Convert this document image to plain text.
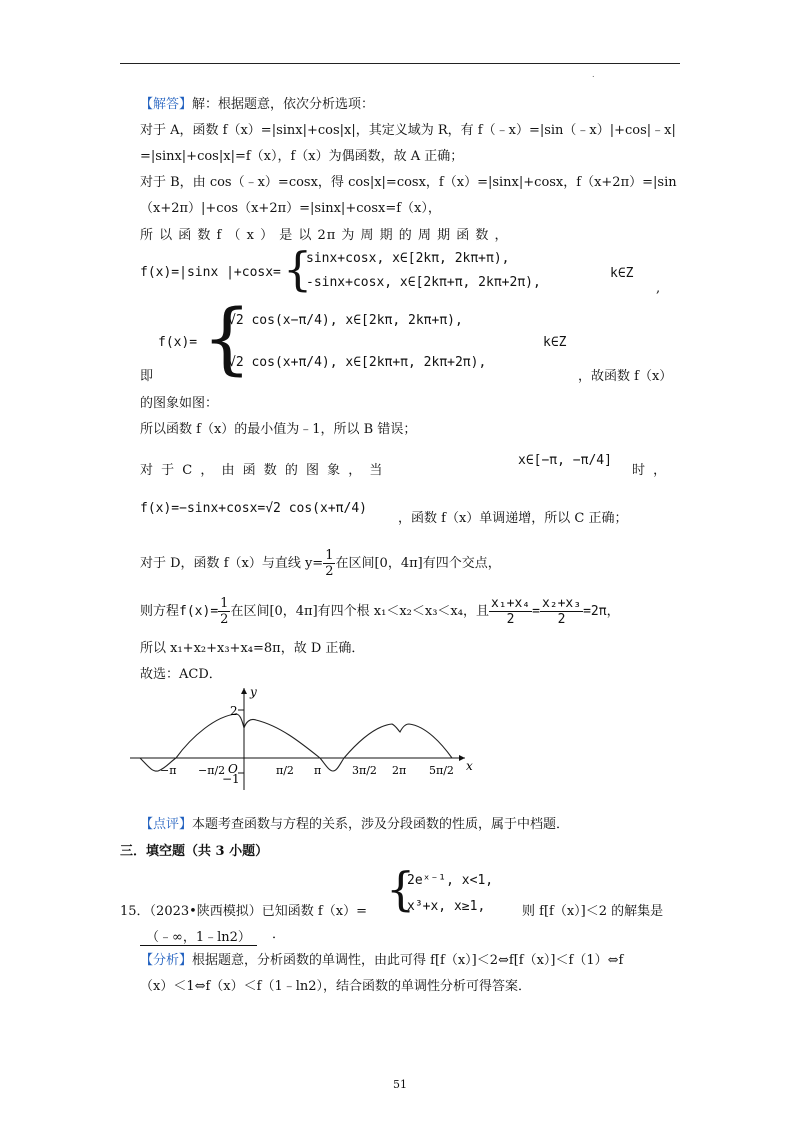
.
【解答】解：根据题意，依次分析选项：
对于 A，函数 f（x）=|sinx|+cos|x|，其定义域为 R，有 f（﹣x）=|sin（﹣x）|+cos|﹣x|
=|sinx|+cos|x|=f（x），f（x）为偶函数，故 A 正确；
对于 B，由 cos（﹣x）=cosx，得 cos|x|=cosx，f（x）=|sinx|+cosx，f（x+2π）=|sin
（x+2π）|+cos（x+2π）=|sinx|+cosx=f（x），
所 以 函 数 f （ x ） 是 以 2π 为 周 期 的 周 期 函 数 ，
f(x)=|sinx |+cosx= {
sinx+cosx, x∈[2kπ, 2kπ+π),
-sinx+cosx, x∈[2kπ+π, 2kπ+2π),
k∈Z
,
f(x)= {
√2 cos(x−π/4), x∈[2kπ, 2kπ+π),
√2 cos(x+π/4), x∈[2kπ+π, 2kπ+2π),
k∈Z
即	，故函数 f（x）
的图象如图：
所以函数 f（x）的最小值为﹣1，所以 B 错误；
对 于 C ， 由 函 数 的 图 象 ， 当
x∈[−π, −π/4]
时 ，
f(x)=−sinx+cosx=√2 cos(x+π/4)
，函数 f（x）单调递增，所以 C 正确；
对于 D，函数 f（x）与直线 $y= \frac{1}{2}$ 在区间[0，4π]有四个交点，
则方程$f(x)= \frac{1}{2}$ 在区间[0，4π]有四个根 x₁＜x₂＜x₃＜x₄，且 $\frac{\text{x₁+x₄}}{2} = \frac{\text{x₂+x₃}}{2} =2\pi$，
所以 x₁+x₂+x₃+x₄=8π，故 D 正确．
故选：ACD．
y
x
O
2
−1
−π −π/2	π/2 π	3π/2 2π 5π/2
【点评】本题考查函数与方程的关系，涉及分段函数的性质，属于中档题．
三．填空题（共 3 小题）
15．（2023•陕西模拟）已知函数 f（x）= {
2eˣ⁻¹, x<1,
x³+x, x≥1,	则 f[f（x）]＜2 的解集是
（﹣∞，1﹣ln2）	．
【分析】根据题意，分析函数的单调性，由此可得 f[f（x）]＜2⇔f[f（x）]＜f（1）⇔f
（x）＜1⇔f（x）＜f（1﹣ln2），结合函数的单调性分析可得答案．
51
